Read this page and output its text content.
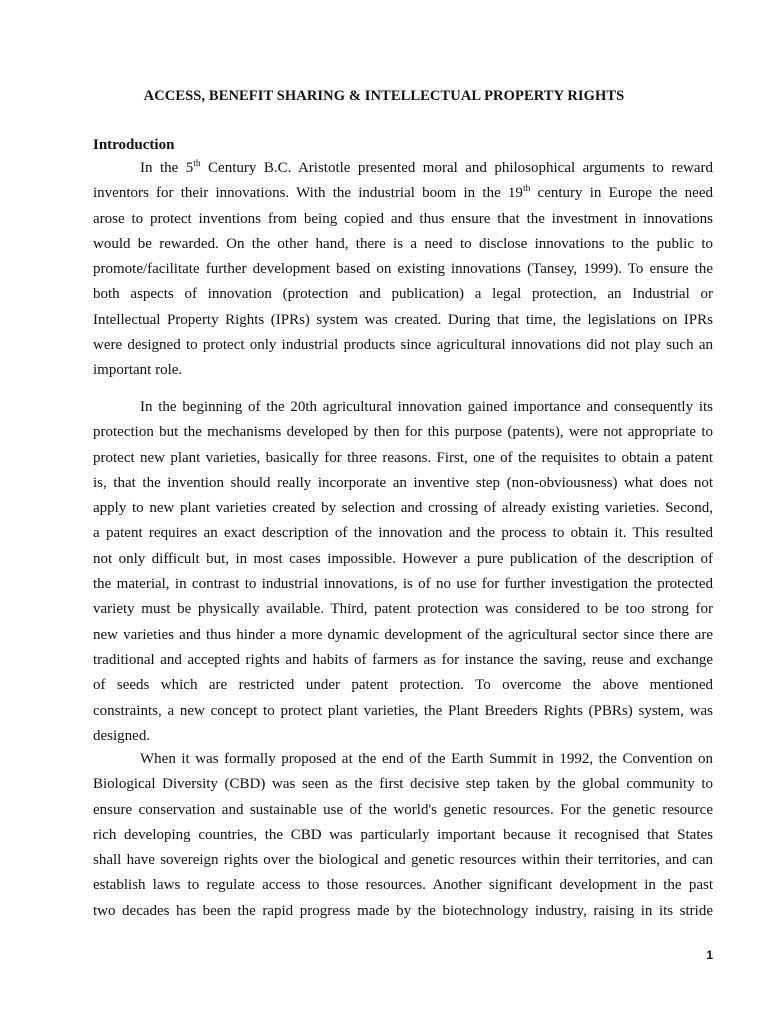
ACCESS, BENEFIT SHARING & INTELLECTUAL PROPERTY RIGHTS
Introduction
In the 5th Century B.C. Aristotle presented moral and philosophical arguments to reward
inventors for their innovations. With the industrial boom in the 19th century in Europe the need
arose to protect inventions from being copied and thus ensure that the investment in innovations
would be rewarded. On the other hand, there is a need to disclose innovations to the public to
promote/facilitate further development based on existing innovations (Tansey, 1999). To ensure the
both aspects of innovation (protection and publication) a legal protection, an Industrial or
Intellectual Property Rights (IPRs) system was created. During that time, the legislations on IPRs
were designed to protect only industrial products since agricultural innovations did not play such an
important role.
In the beginning of the 20th agricultural innovation gained importance and consequently its
protection but the mechanisms developed by then for this purpose (patents), were not appropriate to
protect new plant varieties, basically for three reasons. First, one of the requisites to obtain a patent
is, that the invention should really incorporate an inventive step (non-obviousness) what does not
apply to new plant varieties created by selection and crossing of already existing varieties. Second,
a patent requires an exact description of the innovation and the process to obtain it. This resulted
not only difficult but, in most cases impossible. However a pure publication of the description of
the material, in contrast to industrial innovations, is of no use for further investigation the protected
variety must be physically available. Third, patent protection was considered to be too strong for
new varieties and thus hinder a more dynamic development of the agricultural sector since there are
traditional and accepted rights and habits of farmers as for instance the saving, reuse and exchange
of seeds which are restricted under patent protection. To overcome the above mentioned
constraints, a new concept to protect plant varieties, the Plant Breeders Rights (PBRs) system, was
designed.
When it was formally proposed at the end of the Earth Summit in 1992, the Convention on
Biological Diversity (CBD) was seen as the first decisive step taken by the global community to
ensure conservation and sustainable use of the world's genetic resources. For the genetic resource
rich developing countries, the CBD was particularly important because it recognised that States
shall have sovereign rights over the biological and genetic resources within their territories, and can
establish laws to regulate access to those resources. Another significant development in the past
two decades has been the rapid progress made by the biotechnology industry, raising in its stride
1
